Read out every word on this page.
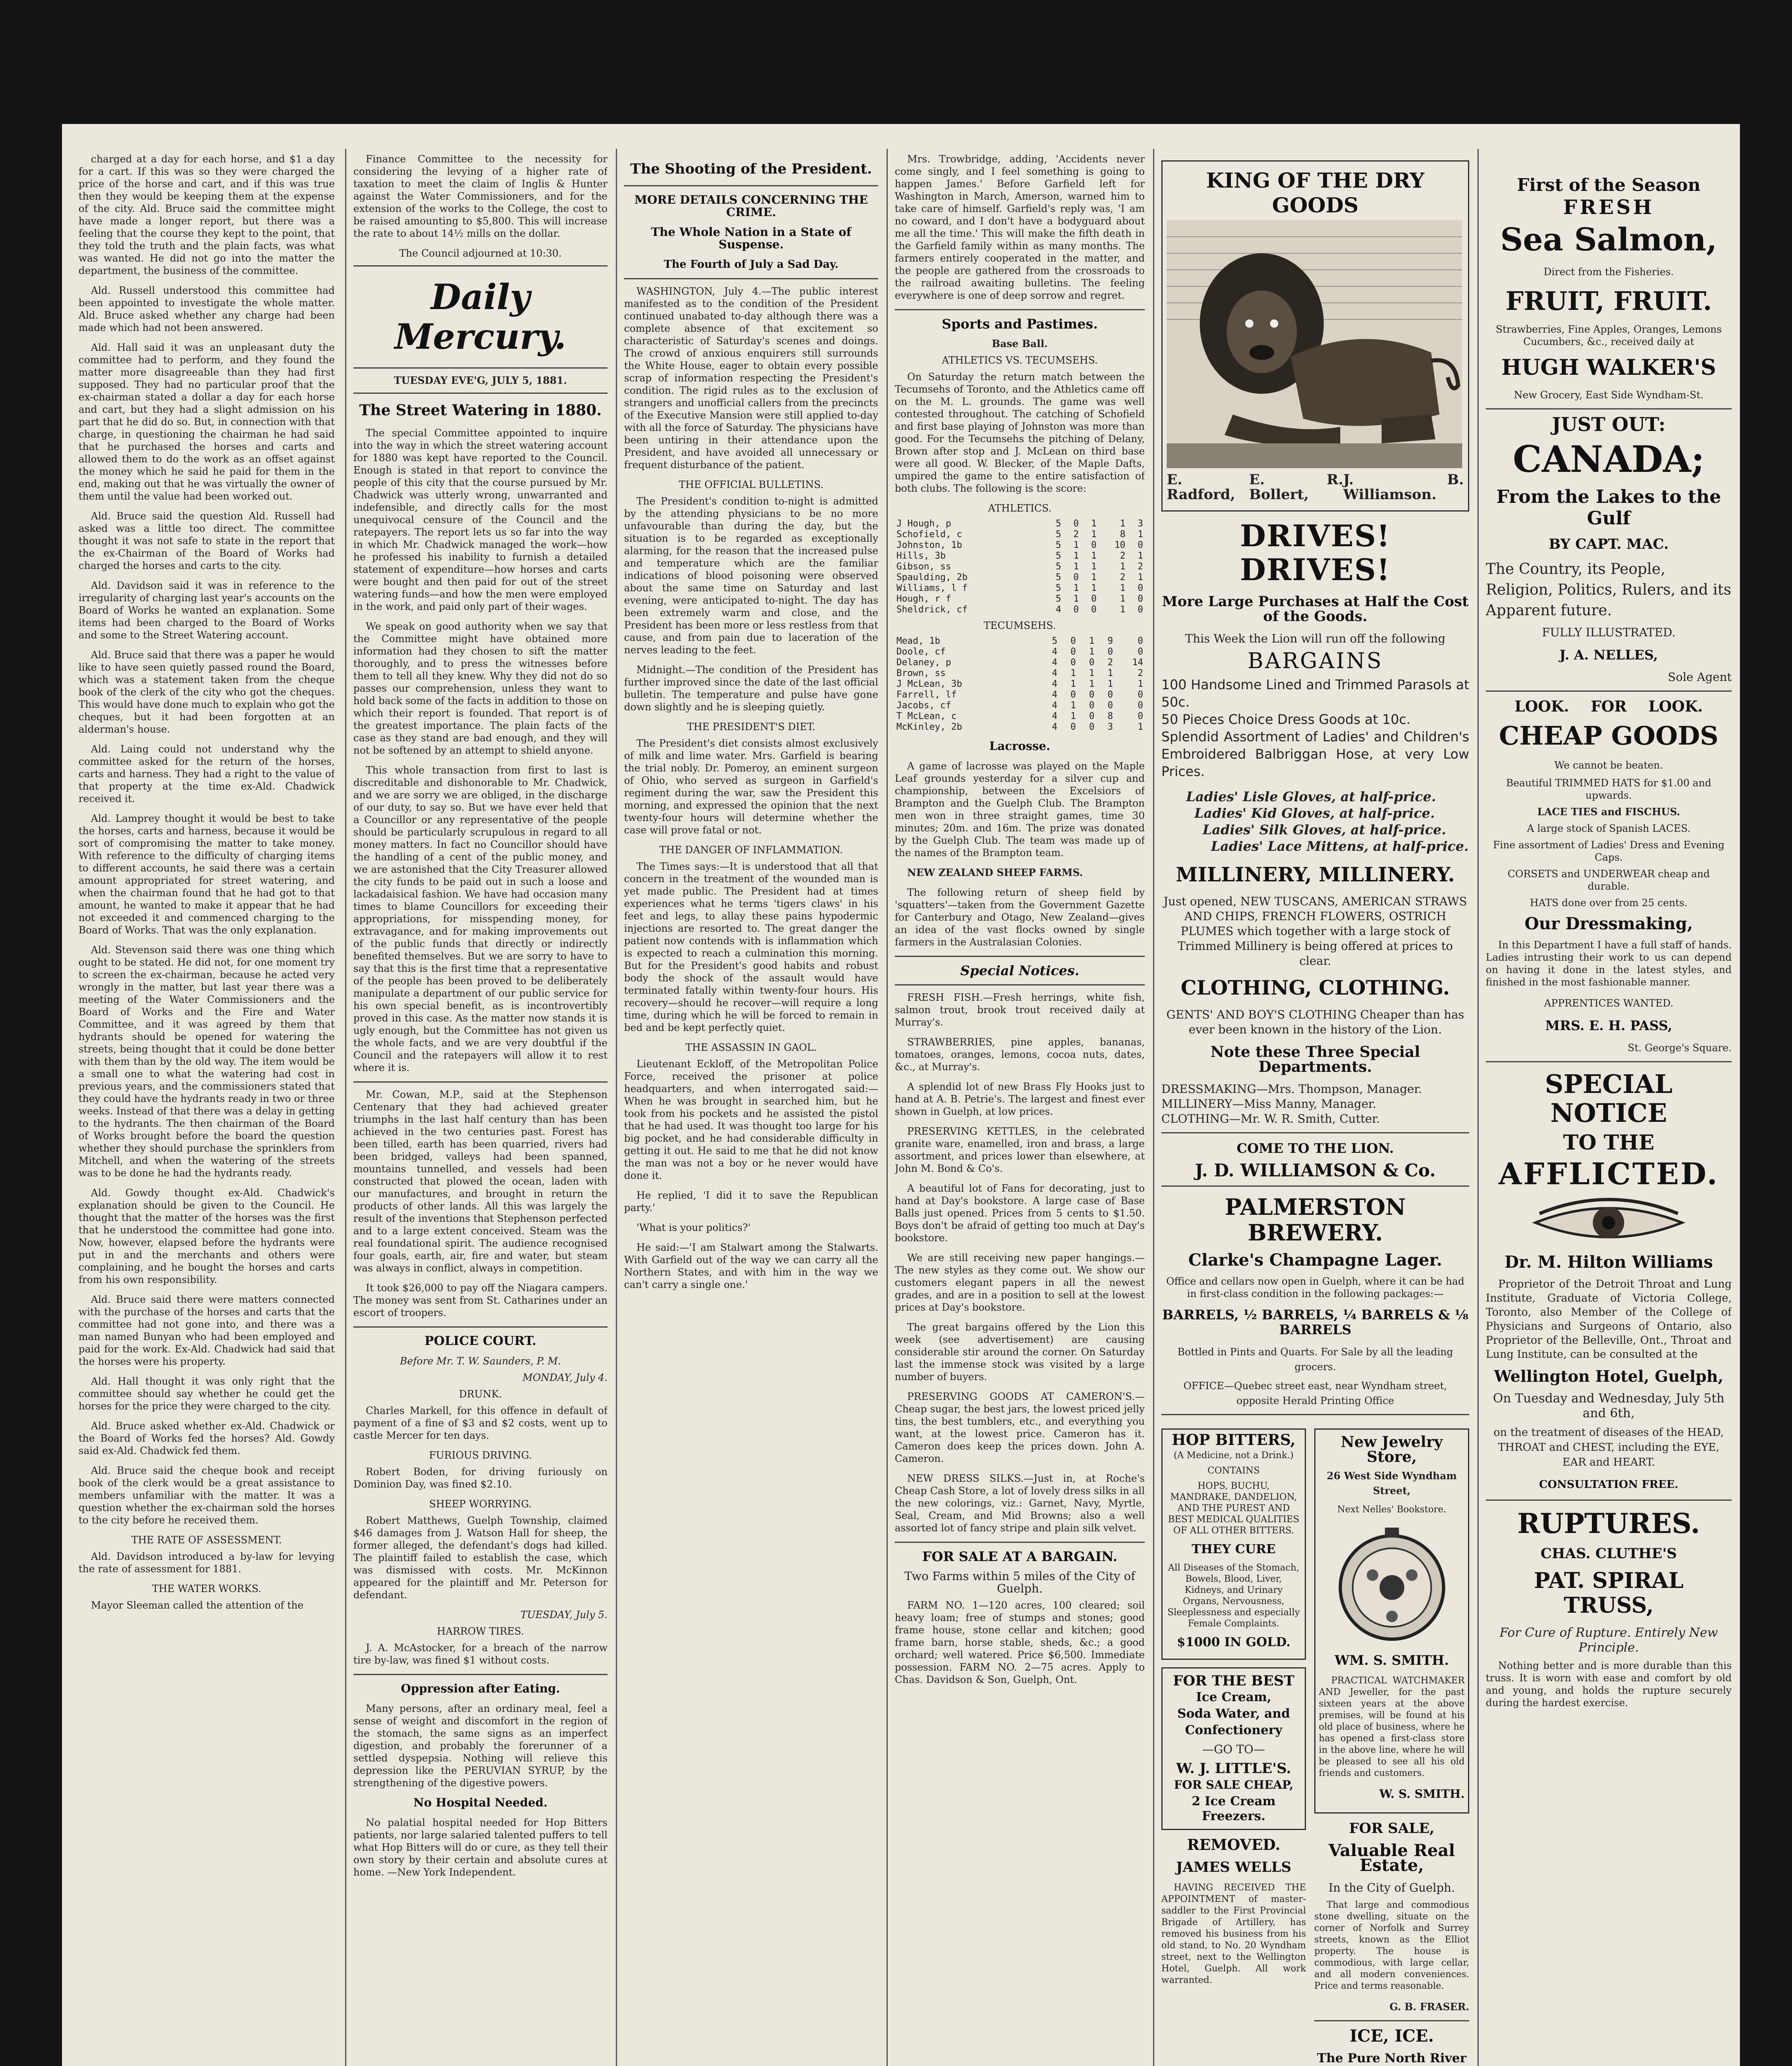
charged at a day for each horse, and $1 a day for a cart. If this was so they were charged the price of the horse and cart, and if this was true then they would be keeping them at the expense of the city. Ald. Bruce said the committee might have made a longer report, but there was a feeling that the course they kept to the point, that they told the truth and the plain facts, was what was wanted. He did not go into the matter the department, the business of the committee.

Ald. Russell understood this committee had been appointed to investigate the whole matter. Ald. Bruce asked whether any charge had been made which had not been answered.

Ald. Hall said it was an unpleasant duty the committee had to perform, and they found the matter more disagreeable than they had first supposed. They had no particular proof that the ex-chairman stated a dollar a day for each horse and cart, but they had a slight admission on his part that he did do so. But, in connection with that charge, in questioning the chairman he had said that he purchased the horses and carts and allowed them to do the work as an offset against the money which he said he paid for them in the end, making out that he was virtually the owner of them until the value had been worked out.

Ald. Bruce said the question Ald. Russell had asked was a little too direct. The committee thought it was not safe to state in the report that the ex-Chairman of the Board of Works had charged the horses and carts to the city.

Ald. Davidson said it was in reference to the irregularity of charging last year's accounts on the Board of Works he wanted an explanation. Some items had been charged to the Board of Works and some to the Street Watering account.

Ald. Bruce said that there was a paper he would like to have seen quietly passed round the Board, which was a statement taken from the cheque book of the clerk of the city who got the cheques. This would have done much to explain who got the cheques, but it had been forgotten at an alderman's house.

Ald. Laing could not understand why the committee asked for the return of the horses, carts and harness. They had a right to the value of that property at the time ex-Ald. Chadwick received it.

Ald. Lamprey thought it would be best to take the horses, carts and harness, because it would be sort of compromising the matter to take money. With reference to the difficulty of charging items to different accounts, he said there was a certain amount appropriated for street watering, and when the chairman found that he had got to that amount, he wanted to make it appear that he had not exceeded it and commenced charging to the Board of Works. That was the only explanation.

Ald. Stevenson said there was one thing which ought to be stated. He did not, for one moment try to screen the ex-chairman, because he acted very wrongly in the matter, but last year there was a meeting of the Water Commissioners and the Board of Works and the Fire and Water Committee, and it was agreed by them that hydrants should be opened for watering the streets, being thought that it could be done better with them than by the old way. The item would be a small one to what the watering had cost in previous years, and the commissioners stated that they could have the hydrants ready in two or three weeks. Instead of that there was a delay in getting to the hydrants. The then chairman of the Board of Works brought before the board the question whether they should purchase the sprinklers from Mitchell, and when the watering of the streets was to be done he had the hydrants ready.

Ald. Gowdy thought ex-Ald. Chadwick's explanation should be given to the Council. He thought that the matter of the horses was the first that he understood the committee had gone into. Now, however, elapsed before the hydrants were put in and the merchants and others were complaining, and he bought the horses and carts from his own responsibility.

Ald. Bruce said there were matters connected with the purchase of the horses and carts that the committee had not gone into, and there was a man named Bunyan who had been employed and paid for the work. Ex-Ald. Chadwick had said that the horses were his property.

Ald. Hall thought it was only right that the committee should say whether he could get the horses for the price they were charged to the city.

Ald. Bruce asked whether ex-Ald. Chadwick or the Board of Works fed the horses? Ald. Gowdy said ex-Ald. Chadwick fed them.

Ald. Bruce said the cheque book and receipt book of the clerk would be a great assistance to members unfamiliar with the matter. It was a question whether the ex-chairman sold the horses to the city before he received them.

THE RATE OF ASSESSMENT.

Ald. Davidson introduced a by-law for levying the rate of assessment for 1881.

THE WATER WORKS.

Mayor Sleeman called the attention of the

Finance Committee to the necessity for considering the levying of a higher rate of taxation to meet the claim of Inglis & Hunter against the Water Commissioners, and for the extension of the works to the College, the cost to be raised amounting to $5,800. This will increase the rate to about 14½ mills on the dollar.

The Council adjourned at 10:30.

Daily Mercury.
TUESDAY EVE'G, JULY 5, 1881.
The Street Watering in 1880.

The special Committee appointed to inquire into the way in which the street watering account for 1880 was kept have reported to the Council. Enough is stated in that report to convince the people of this city that the course pursued by Mr. Chadwick was utterly wrong, unwarranted and indefensible, and directly calls for the most unequivocal censure of the Council and the ratepayers. The report lets us so far into the way in which Mr. Chadwick managed the work—how he professed his inability to furnish a detailed statement of expenditure—how horses and carts were bought and then paid for out of the street watering funds—and how the men were employed in the work, and paid only part of their wages.

We speak on good authority when we say that the Committee might have obtained more information had they chosen to sift the matter thoroughly, and to press the witnesses before them to tell all they knew. Why they did not do so passes our comprehension, unless they want to hold back some of the facts in addition to those on which their report is founded. That report is of the greatest importance. The plain facts of the case as they stand are bad enough, and they will not be softened by an attempt to shield anyone.

This whole transaction from first to last is discreditable and dishonorable to Mr. Chadwick, and we are sorry we are obliged, in the discharge of our duty, to say so. But we have ever held that a Councillor or any representative of the people should be particularly scrupulous in regard to all money matters. In fact no Councillor should have the handling of a cent of the public money, and we are astonished that the City Treasurer allowed the city funds to be paid out in such a loose and lackadaisical fashion. We have had occasion many times to blame Councillors for exceeding their appropriations, for misspending money, for extravagance, and for making improvements out of the public funds that directly or indirectly benefited themselves. But we are sorry to have to say that this is the first time that a representative of the people has been proved to be deliberately manipulate a department of our public service for his own special benefit, as is incontrovertibly proved in this case. As the matter now stands it is ugly enough, but the Committee has not given us the whole facts, and we are very doubtful if the Council and the ratepayers will allow it to rest where it is.

Mr. Cowan, M.P., said at the Stephenson Centenary that they had achieved greater triumphs in the last half century than has been achieved in the two centuries past. Forest has been tilled, earth has been quarried, rivers had been bridged, valleys had been spanned, mountains tunnelled, and vessels had been constructed that plowed the ocean, laden with our manufactures, and brought in return the products of other lands. All this was largely the result of the inventions that Stephenson perfected and to a large extent conceived. Steam was the real foundational spirit. The audience recognised four goals, earth, air, fire and water, but steam was always in conflict, always in competition.

It took $26,000 to pay off the Niagara campers. The money was sent from St. Catharines under an escort of troopers.

POLICE COURT.
Before Mr. T. W. Saunders, P. M.
MONDAY, July 4.
DRUNK.

Charles Markell, for this offence in default of payment of a fine of $3 and $2 costs, went up to castle Mercer for ten days.

FURIOUS DRIVING.

Robert Boden, for driving furiously on Dominion Day, was fined $2.10.

SHEEP WORRYING.

Robert Matthews, Guelph Township, claimed $46 damages from J. Watson Hall for sheep, the former alleged, the defendant's dogs had killed. The plaintiff failed to establish the case, which was dismissed with costs. Mr. McKinnon appeared for the plaintiff and Mr. Peterson for defendant.

TUESDAY, July 5.
HARROW TIRES.

J. A. McAstocker, for a breach of the narrow tire by-law, was fined $1 without costs.

Oppression after Eating.

Many persons, after an ordinary meal, feel a sense of weight and discomfort in the region of the stomach, the same signs as an imperfect digestion, and probably the forerunner of a settled dyspepsia. Nothing will relieve this depression like the PERUVIAN SYRUP, by the strengthening of the digestive powers.

No Hospital Needed.

No palatial hospital needed for Hop Bitters patients, nor large salaried talented puffers to tell what Hop Bitters will do or cure, as they tell their own story by their certain and absolute cures at home. —New York Independent.

The Shooting of the President.
MORE DETAILS CONCERNING THE CRIME.
The Whole Nation in a State of Suspense.
The Fourth of July a Sad Day.

WASHINGTON, July 4.—The public interest manifested as to the condition of the President continued unabated to-day although there was a complete absence of that excitement so characteristic of Saturday's scenes and doings. The crowd of anxious enquirers still surrounds the White House, eager to obtain every possible scrap of information respecting the President's condition. The rigid rules as to the exclusion of strangers and unofficial callers from the precincts of the Executive Mansion were still applied to-day with all the force of Saturday. The physicians have been untiring in their attendance upon the President, and have avoided all unnecessary or frequent disturbance of the patient.

THE OFFICIAL BULLETINS.

The President's condition to-night is admitted by the attending physicians to be no more unfavourable than during the day, but the situation is to be regarded as exceptionally alarming, for the reason that the increased pulse and temperature which are the familiar indications of blood poisoning were observed about the same time on Saturday and last evening, were anticipated to-night. The day has been extremely warm and close, and the President has been more or less restless from that cause, and from pain due to laceration of the nerves leading to the feet.

Midnight.—The condition of the President has further improved since the date of the last official bulletin. The temperature and pulse have gone down slightly and he is sleeping quietly.

THE PRESIDENT'S DIET.

The President's diet consists almost exclusively of milk and lime water. Mrs. Garfield is bearing the trial nobly. Dr. Pomeroy, an eminent surgeon of Ohio, who served as surgeon in Garfield's regiment during the war, saw the President this morning, and expressed the opinion that the next twenty-four hours will determine whether the case will prove fatal or not.

THE DANGER OF INFLAMMATION.

The Times says:—It is understood that all that concern in the treatment of the wounded man is yet made public. The President had at times experiences what he terms 'tigers claws' in his feet and legs, to allay these pains hypodermic injections are resorted to. The great danger the patient now contends with is inflammation which is expected to reach a culmination this morning. But for the President's good habits and robust body the shock of the assault would have terminated fatally within twenty-four hours. His recovery—should he recover—will require a long time, during which he will be forced to remain in bed and be kept perfectly quiet.

THE ASSASSIN IN GAOL.

Lieutenant Eckloff, of the Metropolitan Police Force, received the prisoner at police headquarters, and when interrogated said:—When he was brought in searched him, but he took from his pockets and he assisted the pistol that he had used. It was thought too large for his big pocket, and he had considerable difficulty in getting it out. He said to me that he did not know the man was not a boy or he never would have done it.

He replied, 'I did it to save the Republican party.'

'What is your politics?'

He said:—'I am Stalwart among the Stalwarts. With Garfield out of the way we can carry all the Northern States, and with him in the way we can't carry a single one.'

Mrs. Trowbridge, adding, 'Accidents never come singly, and I feel something is going to happen James.' Before Garfield left for Washington in March, Amerson, warned him to take care of himself. Garfield's reply was, 'I am no coward, and I don't have a bodyguard about me all the time.' This will make the fifth death in the Garfield family within as many months. The farmers entirely cooperated in the matter, and the people are gathered from the crossroads to the railroad awaiting bulletins. The feeling everywhere is one of deep sorrow and regret.

Sports and Pastimes.
Base Ball.
ATHLETICS VS. TECUMSEHS.

On Saturday the return match between the Tecumsehs of Toronto, and the Athletics came off on the M. L. grounds. The game was well contested throughout. The catching of Schofield and first base playing of Johnston was more than good. For the Tecumsehs the pitching of Delany, Brown after stop and J. McLean on third base were all good. W. Blecker, of the Maple Dafts, umpired the game to the entire satisfaction of both clubs. The following is the score:

ATHLETICS.
J Hough, p	5	0	1	1	3
Schofield, c	5	2	1	8	1
Johnston, 1b	5	1	0	10	0
Hills, 3b	5	1	1	2	1
Gibson, ss	5	1	1	1	2
Spaulding, 2b	5	0	1	2	1
Williams, l f	5	1	1	1	0
Hough, r f	5	1	0	1	0
Sheldrick, cf	4	0	0	1	0
TECUMSEHS.
Mead, 1b	5	0	1	9	0
Doole, cf	4	0	1	0	0
Delaney, p	4	0	0	2	14
Brown, ss	4	1	1	1	2
J McLean, 3b	4	1	1	1	1
Farrell, lf	4	0	0	0	0
Jacobs, cf	4	1	0	0	0
T McLean, c	4	1	0	8	0
McKinley, 2b	4	0	0	3	1
Lacrosse.

A game of lacrosse was played on the Maple Leaf grounds yesterday for a silver cup and championship, between the Excelsiors of Brampton and the Guelph Club. The Brampton men won in three straight games, time 30 minutes; 20m. and 16m. The prize was donated by the Guelph Club. The team was made up of the names of the Brampton team.

NEW ZEALAND SHEEP FARMS.

The following return of sheep field by 'squatters'—taken from the Government Gazette for Canterbury and Otago, New Zealand—gives an idea of the vast flocks owned by single farmers in the Australasian Colonies.

Special Notices.

FRESH FISH.—Fresh herrings, white fish, salmon trout, brook trout received daily at Murray's.

STRAWBERRIES, pine apples, bananas, tomatoes, oranges, lemons, cocoa nuts, dates, &c., at Murray's.

A splendid lot of new Brass Fly Hooks just to hand at A. B. Petrie's. The largest and finest ever shown in Guelph, at low prices.

PRESERVING KETTLES, in the celebrated granite ware, enamelled, iron and brass, a large assortment, and prices lower than elsewhere, at John M. Bond & Co's.

A beautiful lot of Fans for decorating, just to hand at Day's bookstore. A large case of Base Balls just opened. Prices from 5 cents to $1.50. Boys don't be afraid of getting too much at Day's bookstore.

We are still receiving new paper hangings.—The new styles as they come out. We show our customers elegant papers in all the newest grades, and are in a position to sell at the lowest prices at Day's bookstore.

The great bargains offered by the Lion this week (see advertisement) are causing considerable stir around the corner. On Saturday last the immense stock was visited by a large number of buyers.

PRESERVING GOODS AT CAMERON'S.—Cheap sugar, the best jars, the lowest priced jelly tins, the best tumblers, etc., and everything you want, at the lowest price. Cameron has it. Cameron does keep the prices down. John A. Cameron.

NEW DRESS SILKS.—Just in, at Roche's Cheap Cash Store, a lot of lovely dress silks in all the new colorings, viz.: Garnet, Navy, Myrtle, Seal, Cream, and Mid Browns; also a well assorted lot of fancy stripe and plain silk velvet.

FOR SALE AT A BARGAIN.
Two Farms within 5 miles of the City of Guelph.

FARM NO. 1—120 acres, 100 cleared; soil heavy loam; free of stumps and stones; good frame house, stone cellar and kitchen; good frame barn, horse stable, sheds, &c.; a good orchard; well watered. Price $6,500. Immediate possession. FARM NO. 2—75 acres. Apply to Chas. Davidson & Son, Guelph, Ont.

KING OF THE DRY GOODS
E. Radford,
E. R. Bollert,
J. B. Williamson.
DRIVES! DRIVES!
More Large Purchases at Half the Cost of the Goods.
This Week the Lion will run off the following
BARGAINS
100 Handsome Lined and Trimmed Parasols at 50c.
50 Pieces Choice Dress Goods at 10c.
Splendid Assortment of Ladies' and Children's Embroidered Balbriggan Hose, at very Low Prices.
Ladies' Lisle Gloves, at half-price.
Ladies' Kid Gloves, at half-price.
Ladies' Silk Gloves, at half-price.
Ladies' Lace Mittens, at half-price.
MILLINERY, MILLINERY.

Just opened, NEW TUSCANS, AMERICAN STRAWS AND CHIPS, FRENCH FLOWERS, OSTRICH PLUMES which together with a large stock of Trimmed Millinery is being offered at prices to clear.

CLOTHING, CLOTHING.

GENTS' AND BOY'S CLOTHING Cheaper than has ever been known in the history of the Lion.

Note these Three Special Departments.
DRESSMAKING—Mrs. Thompson, Manager.
MILLINERY—Miss Manny, Manager.
CLOTHING—Mr. W. R. Smith, Cutter.
COME TO THE LION.
J. D. WILLIAMSON & Co.
PALMERSTON BREWERY.
Clarke's Champagne Lager.
Office and cellars now open in Guelph, where it can be had in first-class condition in the following packages:—
BARRELS, ½ BARRELS, ¼ BARRELS & ⅛ BARRELS
Bottled in Pints and Quarts. For Sale by all the leading grocers.
OFFICE—Quebec street east, near Wyndham street, opposite Herald Printing Office
HOP BITTERS,
(A Medicine, not a Drink.)
CONTAINS
HOPS, BUCHU, MANDRAKE, DANDELION, AND THE PUREST AND BEST MEDICAL QUALITIES OF ALL OTHER BITTERS.
THEY CURE
All Diseases of the Stomach, Bowels, Blood, Liver, Kidneys, and Urinary Organs, Nervousness, Sleeplessness and especially Female Complaints.
$1000 IN GOLD.
FOR THE BEST
Ice Cream,
Soda Water, and
Confectionery
—GO TO—
W. J. LITTLE'S.
FOR SALE CHEAP,
2 Ice Cream Freezers.
REMOVED.
JAMES WELLS

HAVING RECEIVED THE APPOINTMENT of master-saddler to the First Provincial Brigade of Artillery, has removed his business from his old stand, to No. 20 Wyndham street, next to the Wellington Hotel, Guelph. All work warranted.

New Jewelry Store,
26 West Side Wyndham Street,
Next Nelles' Bookstore.
WM. S. SMITH.

PRACTICAL WATCHMAKER AND Jeweller, for the past sixteen years at the above premises, will be found at his old place of business, where he has opened a first-class store in the above line, where he will be pleased to see all his old friends and customers.

W. S. SMITH.
FOR SALE,
Valuable Real Estate,
In the City of Guelph.

That large and commodious stone dwelling, situate on the corner of Norfolk and Surrey streets, known as the Elliot property. The house is commodious, with large cellar, and all modern conveniences. Price and terms reasonable.

G. B. FRASER.
ICE, ICE.
The Pure North River
First of the Season
FRESH
Sea Salmon,
Direct from the Fisheries.
FRUIT, FRUIT.
Strawberries, Fine Apples, Oranges, Lemons Cucumbers, &c., received daily at
HUGH WALKER'S
New Grocery, East Side Wyndham-St.
JUST OUT:
CANADA;
From the Lakes to the Gulf
BY CAPT. MAC.
The Country, its People, Religion, Politics, Rulers, and its Apparent future.
FULLY ILLUSTRATED.
J. A. NELLES,
Sole Agent
LOOK. FOR LOOK.
CHEAP GOODS
We cannot be beaten.
Beautiful TRIMMED HATS for $1.00 and upwards.
LACE TIES and FISCHUS.
A large stock of Spanish LACES.
Fine assortment of Ladies' Dress and Evening Caps.
CORSETS and UNDERWEAR cheap and durable.
HATS done over from 25 cents.
Our Dressmaking,

In this Department I have a full staff of hands. Ladies intrusting their work to us can depend on having it done in the latest styles, and finished in the most fashionable manner.

APPRENTICES WANTED.
MRS. E. H. PASS,
St. George's Square.
SPECIAL NOTICE
TO THE
AFFLICTED.
Dr. M. Hilton Williams

Proprietor of the Detroit Throat and Lung Institute, Graduate of Victoria College, Toronto, also Member of the College of Physicians and Surgeons of Ontario, also Proprietor of the Belleville, Ont., Throat and Lung Institute, can be consulted at the

Wellington Hotel, Guelph,
On Tuesday and Wednesday, July 5th and 6th,
on the treatment of diseases of the HEAD, THROAT and CHEST, including the EYE, EAR and HEART.
CONSULTATION FREE.
RUPTURES.
CHAS. CLUTHE'S
PAT. SPIRAL TRUSS,
For Cure of Rupture. Entirely New Principle.

Nothing better and is more durable than this truss. It is worn with ease and comfort by old and young, and holds the rupture securely during the hardest exercise.
